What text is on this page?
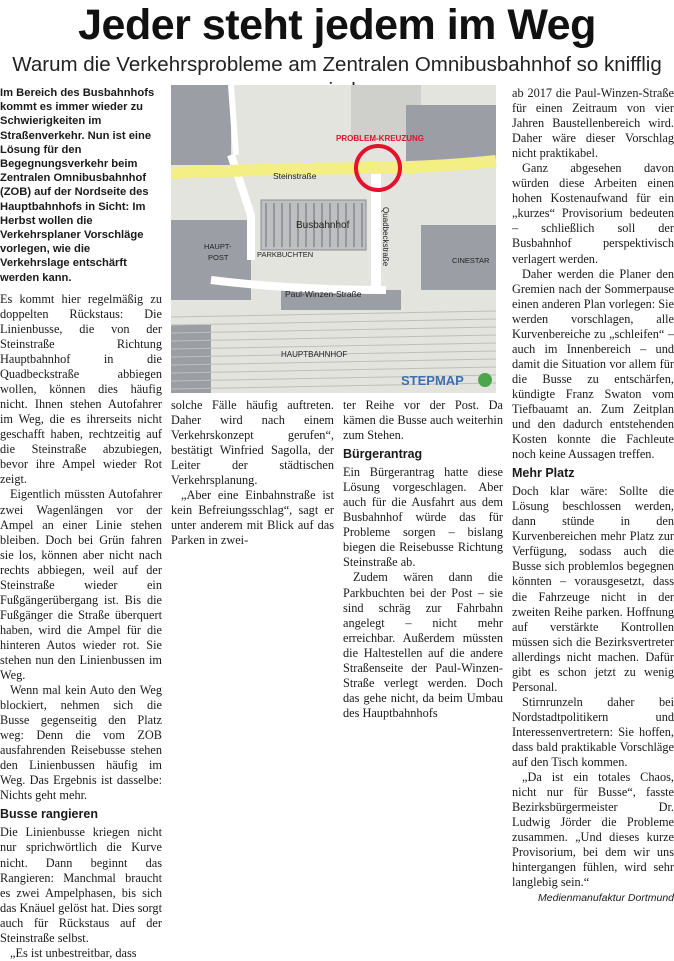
Jeder steht jedem im Weg
Warum die Verkehrsprobleme am Zentralen Omnibusbahnhof so knifflig
Im Bereich des Busbahnhofs kommt es immer wieder zu Schwierigkeiten im Straßenverkehr. Nun ist eine Lösung für den Begegnungsverkehr beim Zentralen Omnibusbahnhof (ZOB) auf der Nordseite des Hauptbahnhofs in Sicht: Im Herbst wollen die Verkehrsplaner Vorschläge vorlegen, wie die Verkehrslage entschärft werden kann.

Es kommt hier regelmäßig zu doppelten Rückstaus: Die Linienbusse, die von der Steinstraße Richtung Hauptbahnhof in die Quadbeckstraße abbiegen wollen, können dies häufig nicht. Ihnen stehen Autofahrer im Weg, die es ihrerseits nicht geschafft haben, rechtzeitig auf die Steinstraße abzubiegen, bevor ihre Ampel wieder Rot zeigt.

Eigentlich müssten Autofahrer zwei Wagenlängen vor der Ampel an einer Linie stehen bleiben. Doch bei Grün fahren sie los, können aber nicht nach rechts abbiegen, weil auf der Steinstraße wieder ein Fußgängerübergang ist. Bis die Fußgänger die Straße überquert haben, wird die Ampel für die hinteren Autos wieder rot. Sie stehen nun den Linienbussen im Weg.

Wenn mal kein Auto den Weg blockiert, nehmen sich die Busse gegenseitig den Platz weg: Denn die vom ZOB ausfahrenden Reisebusse stehen den Linienbussen häufig im Weg. Das Ergebnis ist dasselbe: Nichts geht mehr.

Busse rangieren

Die Linienbusse kriegen nicht nur sprichwörtlich die Kurve nicht. Dann beginnt das Rangieren: Manchmal braucht es zwei Ampelphasen, bis sich das Knäuel gelöst hat. Dies sorgt auch für Rückstaus auf der Steinstraße selbst.

„Es ist unbestreitbar, dass

PROBLEM-KREUZUNG
Steinstraße
Quadbeckstraße
Busbahnhof
PARKBUCHTEN
HAUPT-
POST	CINESTAR
Paul-Winzen-Straße
HAUPTBAHNHOF
STEPMAP

solche Fälle häufig auftreten. Daher wird nach einem Verkehrskonzept gerufen“, bestätigt Winfried Sagolla, der Leiter der städtischen Verkehrsplanung.

„Aber eine Einbahnstraße ist kein Befreiungsschlag“, sagt er unter anderem mit Blick auf das Parken in zwei-

ter Reihe vor der Post. Da kämen die Busse auch weiterhin zum Stehen.

Bürgerantrag

Ein Bürgerantrag hatte diese Lösung vorgeschlagen. Aber auch für die Ausfahrt aus dem Busbahnhof würde das für Probleme sorgen – bislang biegen die Reisebusse Richtung Steinstraße ab.

Zudem wären dann die Parkbuchten bei der Post – sie sind schräg zur Fahrbahn angelegt – nicht mehr erreichbar. Außerdem müssten die Haltestellen auf die andere Straßenseite der Paul-Winzen-Straße verlegt werden. Doch das gehe nicht, da beim Umbau des Hauptbahnhofs

ab 2017 die Paul-Winzen-Straße für einen Zeitraum von vier Jahren Baustellenbereich wird. Daher wäre dieser Vorschlag nicht praktikabel.

Ganz abgesehen davon würden diese Arbeiten einen hohen Kostenaufwand für ein „kurzes“ Provisorium bedeuten – schließlich soll der Busbahnhof perspektivisch verlagert werden.

Daher werden die Planer den Gremien nach der Sommerpause einen anderen Plan vorlegen: Sie werden vorschlagen, alle Kurvenbereiche zu „schleifen“ – auch im Innenbereich – und damit die Situation vor allem für die Busse zu entschärfen, kündigte Franz Swaton vom Tiefbauamt an. Zum Zeitplan und den dadurch entstehenden Kosten konnte die Fachleute noch keine Aussagen treffen.

Mehr Platz

Doch klar wäre: Sollte die Lösung beschlossen werden, dann stünde in den Kurvenbereichen mehr Platz zur Verfügung, sodass auch die Busse sich problemlos begegnen könnten – vorausgesetzt, dass die Fahrzeuge nicht in der zweiten Reihe parken. Hoffnung auf verstärkte Kontrollen müssen sich die Bezirksvertreter allerdings nicht machen. Dafür gibt es schon jetzt zu wenig Personal.

Stirnrunzeln daher bei Nordstadtpolitikern und Interessenvertretern: Sie hoffen, dass bald praktikable Vorschläge auf den Tisch kommen.

„Da ist ein totales Chaos, nicht nur für Busse“, fasste Bezirksbürgermeister Dr. Ludwig Jörder die Probleme zusammen. „Und dieses kurze Provisorium, bei dem wir uns hintergangen fühlen, wird sehr langlebig sein.“

Medienmanufaktur Dortmund
